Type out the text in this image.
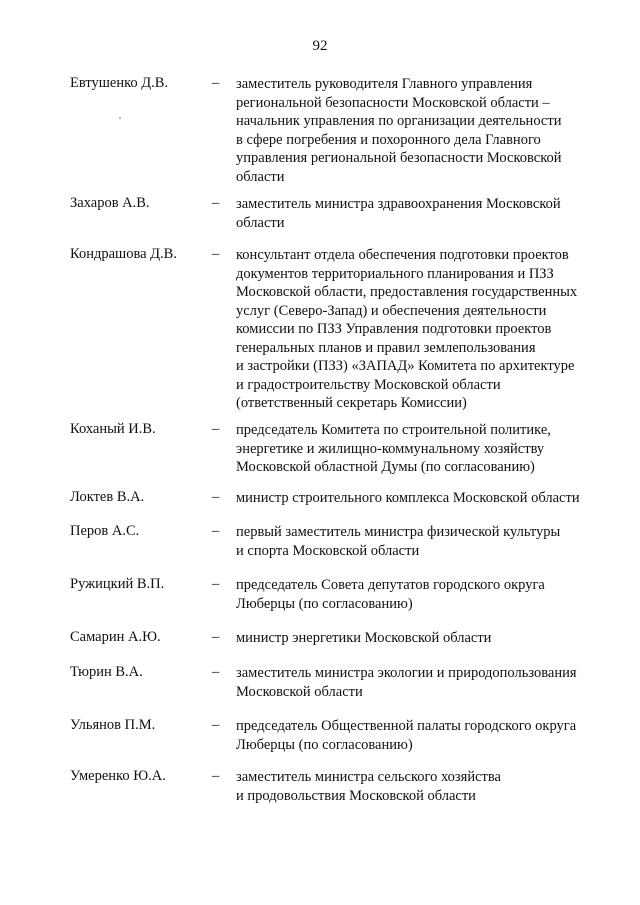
92
Евтушенко Д.В.	– заместитель руководителя Главного управления
региональной безопасности Московской области –
начальник управления по организации деятельности
в сфере погребения и похоронного дела Главного
управления региональной безопасности Московской
области
Захаров А.В.	– заместитель министра здравоохранения Московской
области
Кондрашова Д.В. – консультант отдела обеспечения подготовки проектов
документов территориального планирования и ПЗЗ
Московской области, предоставления государственных
услуг (Северо-Запад) и обеспечения деятельности
комиссии по ПЗЗ Управления подготовки проектов
генеральных планов и правил землепользования
и застройки (ПЗЗ) «ЗАПАД» Комитета по архитектуре
и градостроительству Московской области
(ответственный секретарь Комиссии)
Коханый И.В.	– председатель Комитета по строительной политике,
энергетике и жилищно-коммунальному хозяйству
Московской областной Думы (по согласованию)
Локтев В.А.	– министр строительного комплекса Московской области
Перов А.С.	– первый заместитель министра физической культуры
и спорта Московской области
Ружицкий В.П.	– председатель Совета депутатов городского округа
Люберцы (по согласованию)
Самарин А.Ю.	– министр энергетики Московской области
Тюрин В.А.	– заместитель министра экологии и природопользования
Московской области
Ульянов П.М.	– председатель Общественной палаты городского округа
Люберцы (по согласованию)
Умеренко Ю.А.	– заместитель министра сельского хозяйства
и продовольствия Московской области
